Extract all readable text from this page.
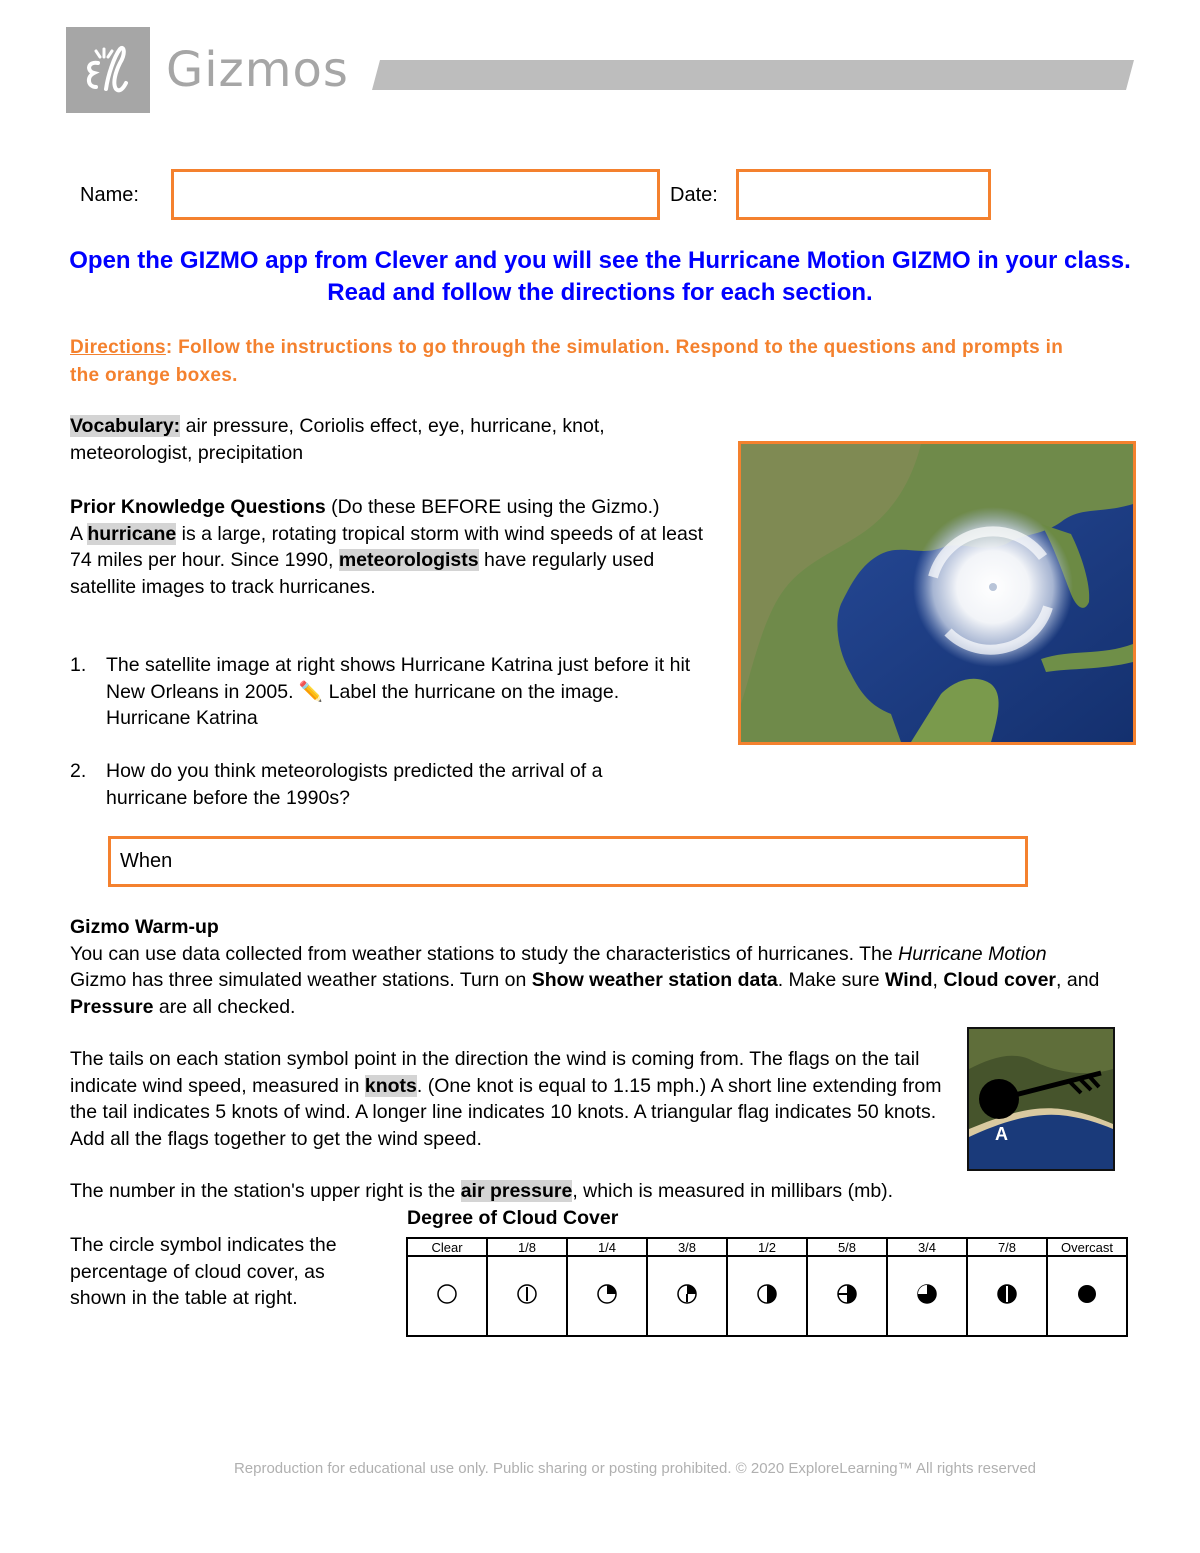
Gizmos
Name:	Date:
Open the GIZMO app from Clever and you will see the Hurricane Motion GIZMO in your class. Read and follow the directions for each section.
Directions: Follow the instructions to go through the simulation. Respond to the questions and prompts in the orange boxes.
Vocabulary: air pressure, Coriolis effect, eye, hurricane, knot, meteorologist, precipitation
Prior Knowledge Questions (Do these BEFORE using the Gizmo.)
A hurricane is a large, rotating tropical storm with wind speeds of at least 74 miles per hour. Since 1990, meteorologists have regularly used satellite images to track hurricanes.
1.	The satellite image at right shows Hurricane Katrina just before it hit New Orleans in 2005. ✏️ Label the hurricane on the image.
Hurricane Katrina
2.	How do you think meteorologists predicted the arrival of a hurricane before the 1990s?
When
Gizmo Warm-up
You can use data collected from weather stations to study the characteristics of hurricanes. The Hurricane Motion Gizmo has three simulated weather stations. Turn on Show weather station data. Make sure Wind, Cloud cover, and Pressure are all checked.
The tails on each station symbol point in the direction the wind is coming from. The flags on the tail indicate wind speed, measured in knots. (One knot is equal to 1.15 mph.) A short line extending from the tail indicates 5 knots of wind. A longer line indicates 10 knots. A triangular flag indicates 50 knots. Add all the flags together to get the wind speed.	A
The number in the station's upper right is the air pressure, which is measured in millibars (mb).
The circle symbol indicates the percentage of cloud cover, as shown in the table at right.
Degree of Cloud Cover
Clear	1/8	1/4	3/8	1/2	5/8	3/4	7/8	Overcast

Reproduction for educational use only. Public sharing or posting prohibited. © 2020 ExploreLearning™ All rights reserved
